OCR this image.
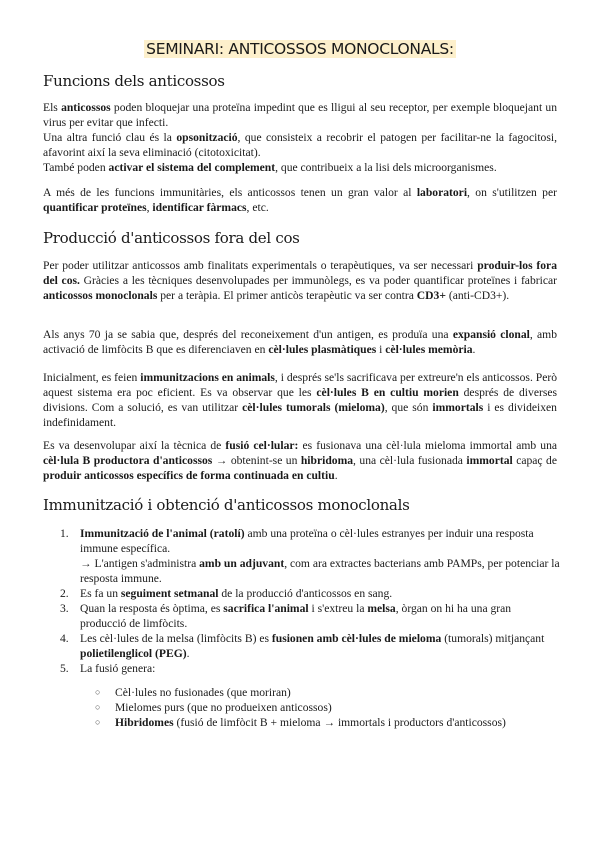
SEMINARI: ANTICOSSOS MONOCLONALS:
Funcions dels anticossos
Els anticossos poden bloquejar una proteïna impedint que es lligui al seu receptor, per exemple bloquejant un virus per evitar que infecti.
Una altra funció clau és la opsonització, que consisteix a recobrir el patogen per facilitar-ne la fagocitosi, afavorint així la seva eliminació (citotoxicitat).
També poden activar el sistema del complement, que contribueix a la lisi dels microorganismes.
A més de les funcions immunitàries, els anticossos tenen un gran valor al laboratori, on s'utilitzen per quantificar proteïnes, identificar fàrmacs, etc.
Producció d'anticossos fora del cos
Per poder utilitzar anticossos amb finalitats experimentals o terapèutiques, va ser necessari produir-los fora del cos. Gràcies a les tècniques desenvolupades per immunòlegs, es va poder quantificar proteïnes i fabricar anticossos monoclonals per a teràpia. El primer anticòs terapèutic va ser contra CD3+ (anti-CD3+).
Als anys 70 ja se sabia que, després del reconeixement d'un antigen, es produïa una expansió clonal, amb activació de limfòcits B que es diferenciaven en cèl·lules plasmàtiques i cèl·lules memòria.
Inicialment, es feien immunitzacions en animals, i després se'ls sacrificava per extreure'n els anticossos. Però aquest sistema era poc eficient. Es va observar que les cèl·lules B en cultiu morien després de diverses divisions. Com a solució, es van utilitzar cèl·lules tumorals (mieloma), que són immortals i es divideixen indefinidament.
Es va desenvolupar així la tècnica de fusió cel·lular: es fusionava una cèl·lula mieloma immortal amb una cèl·lula B productora d'anticossos → obtenint-se un hibridoma, una cèl·lula fusionada immortal capaç de produir anticossos específics de forma continuada en cultiu.
Immunització i obtenció d'anticossos monoclonals
1. Immunització de l'animal (ratolí) amb una proteïna o cèl·lules estranyes per induir una resposta immune específica.
→ L'antigen s'administra amb un adjuvant, com ara extractes bacterians amb PAMPs, per potenciar la resposta immune.
2. Es fa un seguiment setmanal de la producció d'anticossos en sang.
3. Quan la resposta és òptima, es sacrifica l'animal i s'extreu la melsa, òrgan on hi ha una gran producció de limfòcits.
4. Les cèl·lules de la melsa (limfòcits B) es fusionen amb cèl·lules de mieloma (tumorals) mitjançant polietilenglicol (PEG).
5. La fusió genera:
○ Cèl·lules no fusionades (que moriran)
○ Mielomes purs (que no produeixen anticossos)
○ Hibridomes (fusió de limfòcit B + mieloma → immortals i productors d'anticossos)
